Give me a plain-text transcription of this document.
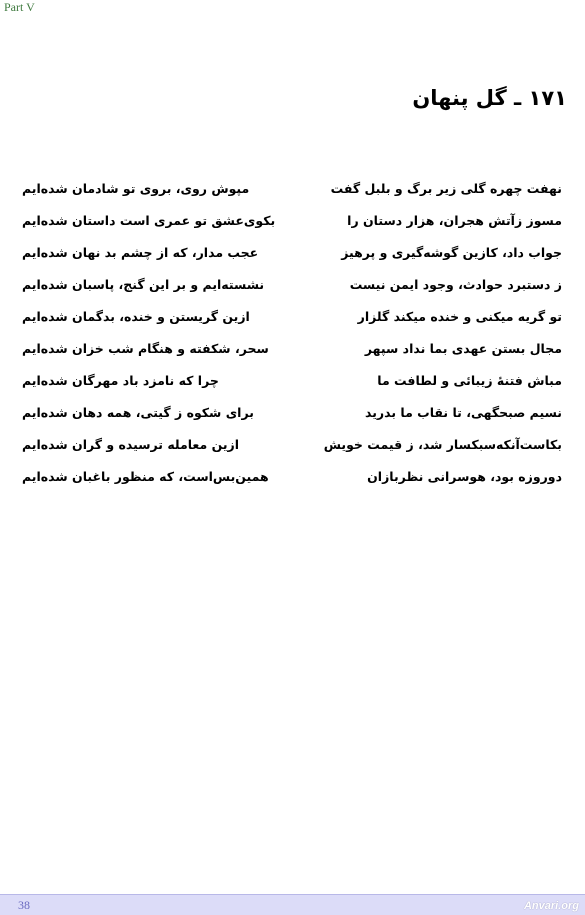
Part V
۱۷۱ ـ گل پنهان
نهفت چهره گلی زیر برگ و بلبل گفت
مپوش روی، بروی تو شادمان شده‌ایم
مسوز زآتش هجران، هزار دستان را
بکوی‌عشق تو عمری است داستان شده‌ایم
جواب داد، کازین گوشه‌گیری و پرهیز
عجب مدار، که از چشم بد نهان شده‌ایم
ز دستبرد حوادث، وجود ایمن نیست
نشسته‌ایم و بر این گنج، پاسبان شده‌ایم
تو گریه میکنی و خنده میکند گلزار
ازین گریستن و خنده، بدگمان شده‌ایم
مجال بستن عهدی بما نداد سپهر
سحر، شکفته و هنگام شب خزان شده‌ایم
مباش فتنهٔ زیبائی و لطافت ما
چرا که نامزد باد مهرگان شده‌ایم
نسیم صبحگهی، تا نقاب ما بدرید
برای شکوه ز گیتی، همه دهان شده‌ایم
بکاست‌آنکه‌سبکسار شد، ز قیمت خویش
ازین معامله ترسیده و گران شده‌ایم
دوروزه بود، هوسرانی نظربازان
همین‌بس‌است، که منظور باغبان شده‌ایم
38	Anvari.org
